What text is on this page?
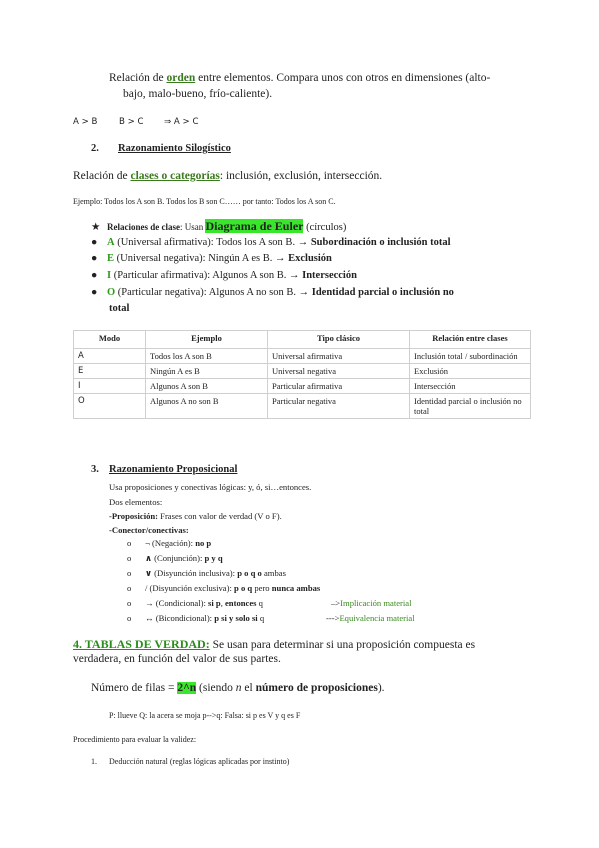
Relación de orden entre elementos. Compara unos con otros en dimensiones (alto-
bajo, malo-bueno, frío-caliente).
A > B	B > C ⇒ A > C
2. Razonamiento Silogístico
Relación de clases o categorías: inclusión, exclusión, intersección.
Ejemplo: Todos los A son B. Todos los B son C…… por tanto: Todos los A son C.
★ Relaciones de clase: Usan Diagrama de Euler (círculos)
● A (Universal afirmativa): Todos los A son B. → Subordinación o inclusión total
● E (Universal negativa): Ningún A es B. → Exclusión
● I (Particular afirmativa): Algunos A son B. → Intersección
● O (Particular negativa): Algunos A no son B. → Identidad parcial o inclusión no
total
Modo	Ejemplo	Tipo clásico	Relación entre clases
A	Todos los A son B	Universal afirmativa	Inclusión total / subordinación
E	Ningún A es B	Universal negativa	Exclusión
I	Algunos A son B	Particular afirmativa	Intersección
O	Algunos A no son B	Particular negativa	Identidad parcial o inclusión no total
3. Razonamiento Proposicional
Usa proposiciones y conectivas lógicas: y, ó, si…entonces.
Dos elementos:
-Proposición: Frases con valor de verdad (V o F).
-Conector/conectivas:
o ¬ (Negación): no p
o ∧ (Conjunción): p y q
o ∨ (Disyunción inclusiva): p o q o ambas
o / (Disyunción exclusiva): p o q pero nunca ambas
o → (Condicional): si p, entonces q	–>Implicación material
o ↔ (Bicondicional): p si y solo si q	--->Equivalencia material
4. TABLAS DE VERDAD: Se usan para determinar si una proposición compuesta es
verdadera, en función del valor de sus partes.
Número de filas = 2^n (siendo n el número de proposiciones).
P: llueve Q: la acera se moja p-->q: Falsa: si p es V y q es F
Procedimiento para evaluar la validez:
1. Deducción natural (reglas lógicas aplicadas por instinto)
